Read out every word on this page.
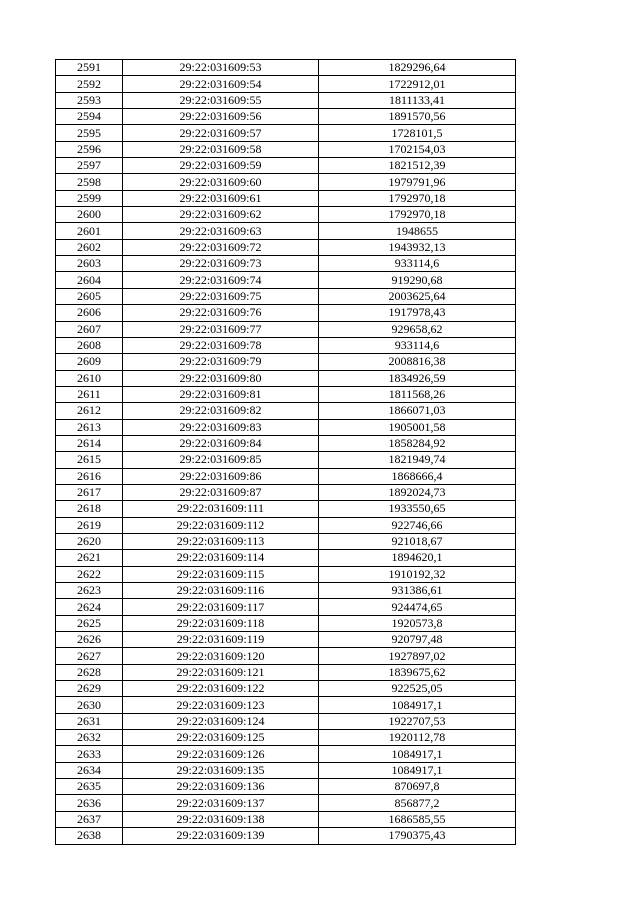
2591	29:22:031609:53	1829296,64
2592	29:22:031609:54	1722912,01
2593	29:22:031609:55	1811133,41
2594	29:22:031609:56	1891570,56
2595	29:22:031609:57	1728101,5
2596	29:22:031609:58	1702154,03
2597	29:22:031609:59	1821512,39
2598	29:22:031609:60	1979791,96
2599	29:22:031609:61	1792970,18
2600	29:22:031609:62	1792970,18
2601	29:22:031609:63	1948655
2602	29:22:031609:72	1943932,13
2603	29:22:031609:73	933114,6
2604	29:22:031609:74	919290,68
2605	29:22:031609:75	2003625,64
2606	29:22:031609:76	1917978,43
2607	29:22:031609:77	929658,62
2608	29:22:031609:78	933114,6
2609	29:22:031609:79	2008816,38
2610	29:22:031609:80	1834926,59
2611	29:22:031609:81	1811568,26
2612	29:22:031609:82	1866071,03
2613	29:22:031609:83	1905001,58
2614	29:22:031609:84	1858284,92
2615	29:22:031609:85	1821949,74
2616	29:22:031609:86	1868666,4
2617	29:22:031609:87	1892024,73
2618	29:22:031609:111	1933550,65
2619	29:22:031609:112	922746,66
2620	29:22:031609:113	921018,67
2621	29:22:031609:114	1894620,1
2622	29:22:031609:115	1910192,32
2623	29:22:031609:116	931386,61
2624	29:22:031609:117	924474,65
2625	29:22:031609:118	1920573,8
2626	29:22:031609:119	920797,48
2627	29:22:031609:120	1927897,02
2628	29:22:031609:121	1839675,62
2629	29:22:031609:122	922525,05
2630	29:22:031609:123	1084917,1
2631	29:22:031609:124	1922707,53
2632	29:22:031609:125	1920112,78
2633	29:22:031609:126	1084917,1
2634	29:22:031609:135	1084917,1
2635	29:22:031609:136	870697,8
2636	29:22:031609:137	856877,2
2637	29:22:031609:138	1686585,55
2638	29:22:031609:139	1790375,43
